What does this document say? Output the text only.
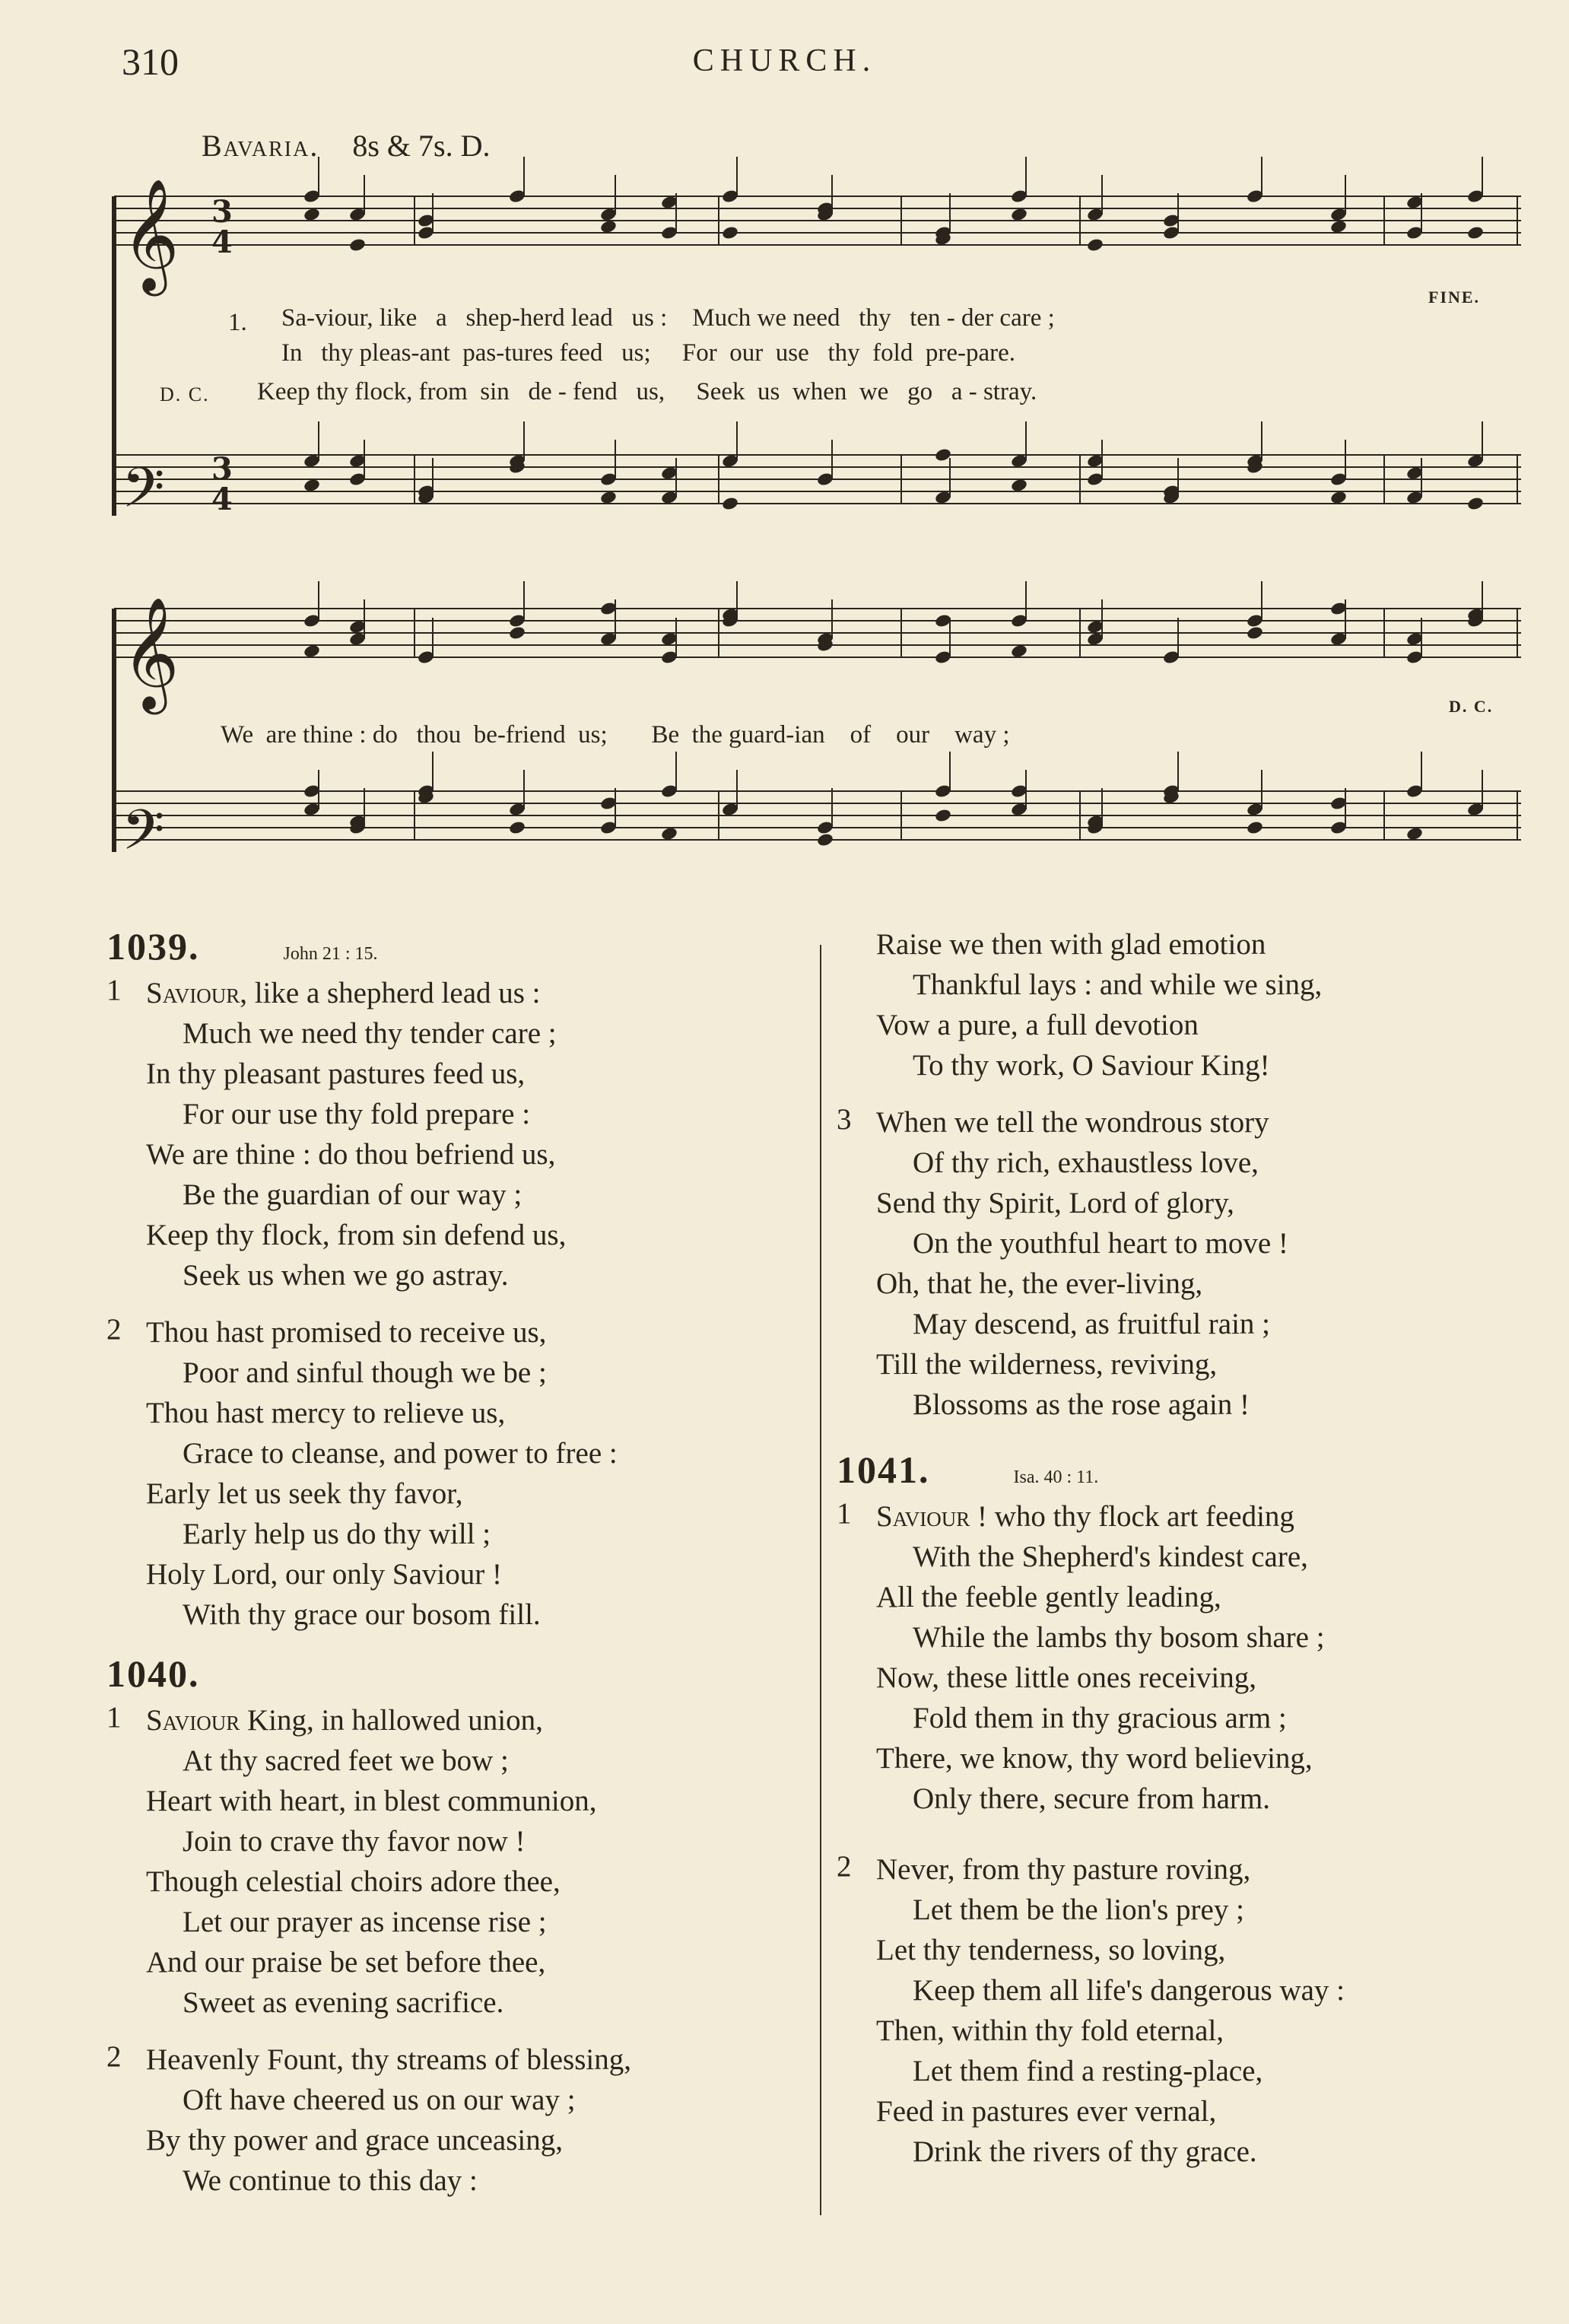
310	CHURCH.
Bavaria. 8s & 7s. D.
𝄞
𝄢
𝄞
𝄢
3
4
3
4
1. Sa-viour, like   a   shep-herd lead   us :    Much we need   thy   ten - der care ;
In   thy pleas-ant  pas-tures feed   us;     For  our  use   thy  fold  pre-pare.
D. C. Keep thy flock, from  sin   de - fend   us,     Seek  us  when  we   go   a - stray.
FINE.
We  are thine : do   thou  be-friend  us;       Be  the guard-ian    of    our    way ;
D. C.
1039.	John 21 : 15.
1 Saviour, like a shepherd lead us :
Much we need thy tender care ;
In thy pleasant pastures feed us,
For our use thy fold prepare :
We are thine : do thou befriend us,
Be the guardian of our way ;
Keep thy flock, from sin defend us,
Seek us when we go astray.
2 Thou hast promised to receive us,
Poor and sinful though we be ;
Thou hast mercy to relieve us,
Grace to cleanse, and power to free :
Early let us seek thy favor,
Early help us do thy will ;
Holy Lord, our only Saviour !
With thy grace our bosom fill.
1040.
1 Saviour King, in hallowed union,
At thy sacred feet we bow ;
Heart with heart, in blest communion,
Join to crave thy favor now !
Though celestial choirs adore thee,
Let our prayer as incense rise ;
And our praise be set before thee,
Sweet as evening sacrifice.
2 Heavenly Fount, thy streams of blessing,
Oft have cheered us on our way ;
By thy power and grace unceasing,
We continue to this day :
Raise we then with glad emotion
Thankful lays : and while we sing,
Vow a pure, a full devotion
To thy work, O Saviour King!
3 When we tell the wondrous story
Of thy rich, exhaustless love,
Send thy Spirit, Lord of glory,
On the youthful heart to move !
Oh, that he, the ever-living,
May descend, as fruitful rain ;
Till the wilderness, reviving,
Blossoms as the rose again !
1041.	Isa. 40 : 11.
1 Saviour ! who thy flock art feeding
With the Shepherd's kindest care,
All the feeble gently leading,
While the lambs thy bosom share ;
Now, these little ones receiving,
Fold them in thy gracious arm ;
There, we know, thy word believing,
Only there, secure from harm.
2 Never, from thy pasture roving,
Let them be the lion's prey ;
Let thy tenderness, so loving,
Keep them all life's dangerous way :
Then, within thy fold eternal,
Let them find a resting-place,
Feed in pastures ever vernal,
Drink the rivers of thy grace.
